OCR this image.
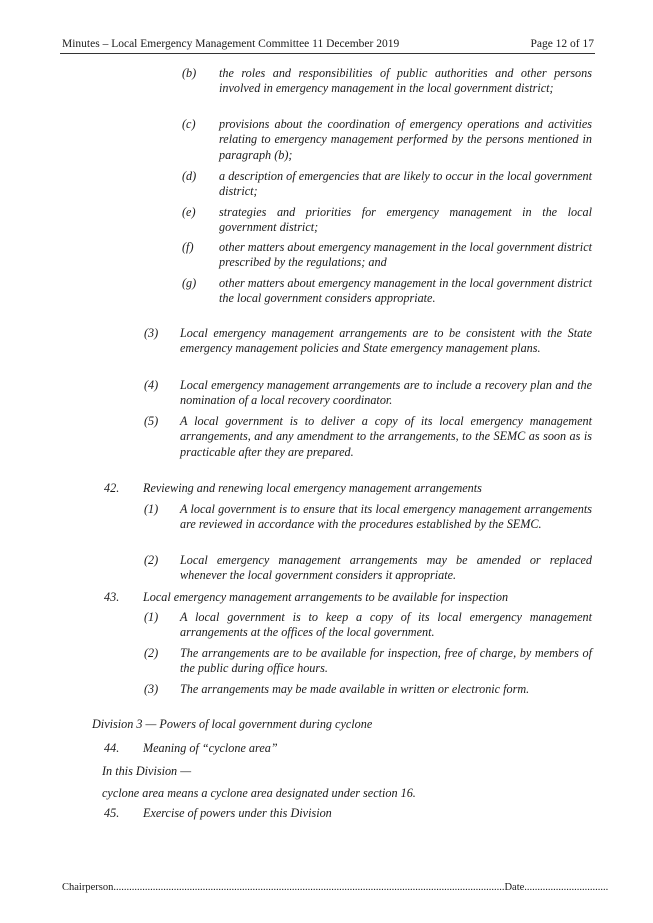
Minutes – Local Emergency Management Committee 11 December 2019	Page 12 of 17
(b) the roles and responsibilities of public authorities and other persons involved in emergency management in the local government district;
(c) provisions about the coordination of emergency operations and activities relating to emergency management performed by the persons mentioned in paragraph (b);
(d) a description of emergencies that are likely to occur in the local government district;
(e) strategies and priorities for emergency management in the local government district;
(f) other matters about emergency management in the local government district prescribed by the regulations; and
(g) other matters about emergency management in the local government district the local government considers appropriate.
(3) Local emergency management arrangements are to be consistent with the State emergency management policies and State emergency management plans.
(4) Local emergency management arrangements are to include a recovery plan and the nomination of a local recovery coordinator.
(5) A local government is to deliver a copy of its local emergency management arrangements, and any amendment to the arrangements, to the SEMC as soon as is practicable after they are prepared.
42. Reviewing and renewing local emergency management arrangements
(1) A local government is to ensure that its local emergency management arrangements are reviewed in accordance with the procedures established by the SEMC.
(2) Local emergency management arrangements may be amended or replaced whenever the local government considers it appropriate.
43. Local emergency management arrangements to be available for inspection
(1) A local government is to keep a copy of its local emergency management arrangements at the offices of the local government.
(2) The arrangements are to be available for inspection, free of charge, by members of the public during office hours.
(3) The arrangements may be made available in written or electronic form.
Division 3 — Powers of local government during cyclone
44. Meaning of “cyclone area”
In this Division —
cyclone area means a cyclone area designated under section 16.
45. Exercise of powers under this Division
Chairperson.....................................................................................................................................................Date................................
